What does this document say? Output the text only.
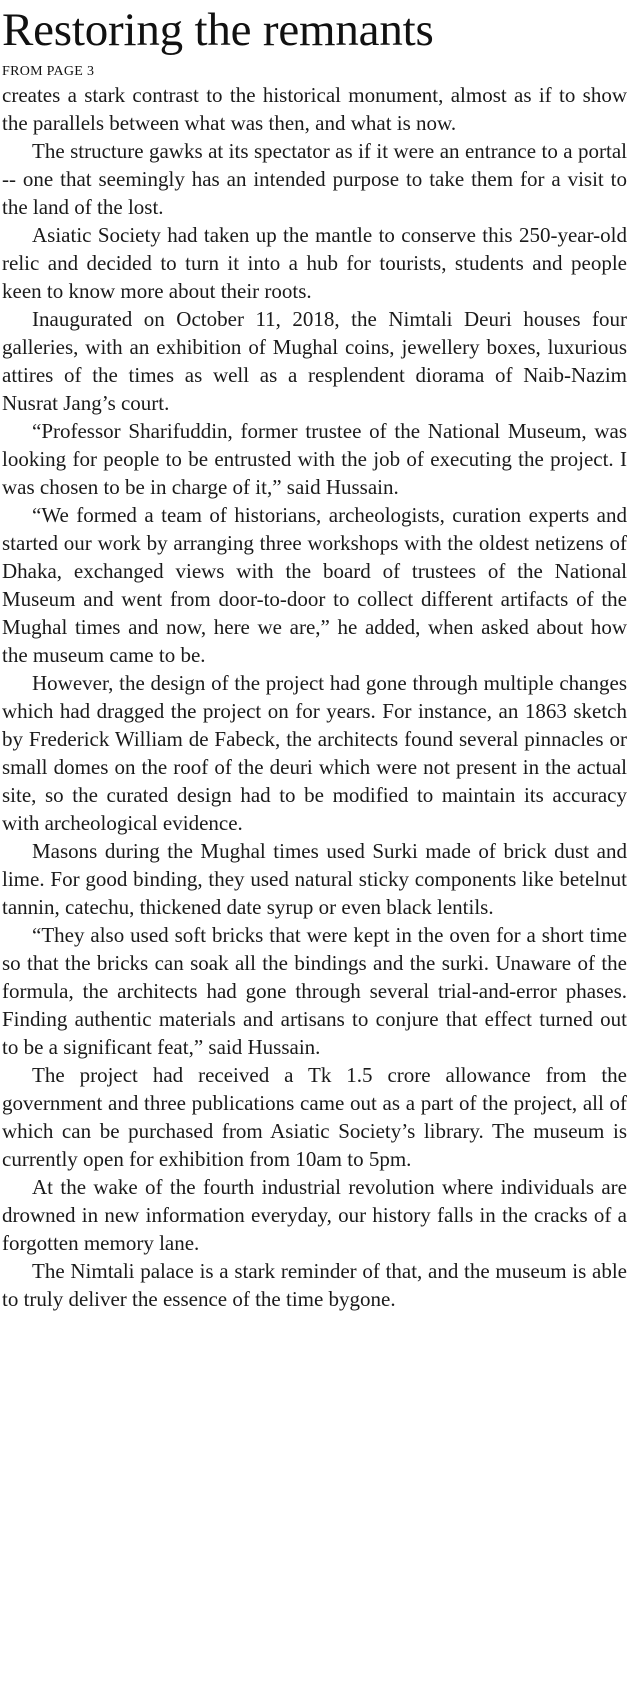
Restoring the remnants
FROM PAGE 3

creates a stark contrast to the historical monument, almost as if to show the parallels between what was then, and what is now.

The structure gawks at its spectator as if it were an entrance to a portal -- one that seemingly has an intended purpose to take them for a visit to the land of the lost.

Asiatic Society had taken up the mantle to conserve this 250-year-old relic and decided to turn it into a hub for tourists, students and people keen to know more about their roots.

Inaugurated on October 11, 2018, the Nimtali Deuri houses four galleries, with an exhibition of Mughal coins, jewellery boxes, luxurious attires of the times as well as a resplendent diorama of Naib-Nazim Nusrat Jang’s court.

“Professor Sharifuddin, former trustee of the National Museum, was looking for people to be entrusted with the job of executing the project. I was chosen to be in charge of it,” said Hussain.

“We formed a team of historians, archeologists, curation experts and started our work by arranging three workshops with the oldest netizens of Dhaka, exchanged views with the board of trustees of the National Museum and went from door-to-door to collect different artifacts of the Mughal times and now, here we are,” he added, when asked about how the museum came to be.

However, the design of the project had gone through multiple changes which had dragged the project on for years. For instance, an 1863 sketch by Frederick William de Fabeck, the architects found several pinnacles or small domes on the roof of the deuri which were not present in the actual site, so the curated design had to be modified to maintain its accuracy with archeological evidence.

Masons during the Mughal times used Surki made of brick dust and lime. For good binding, they used natural sticky components like betelnut tannin, catechu, thickened date syrup or even black lentils.

“They also used soft bricks that were kept in the oven for a short time so that the bricks can soak all the bindings and the surki. Unaware of the formula, the architects had gone through several trial-and-error phases. Finding authentic materials and artisans to conjure that effect turned out to be a significant feat,” said Hussain.

The project had received a Tk 1.5 crore allowance from the government and three publications came out as a part of the project, all of which can be purchased from Asiatic Society’s library. The museum is currently open for exhibition from 10am to 5pm.

At the wake of the fourth industrial revolution where individuals are drowned in new information everyday, our history falls in the cracks of a forgotten memory lane.

The Nimtali palace is a stark reminder of that, and the museum is able to truly deliver the essence of the time bygone.
